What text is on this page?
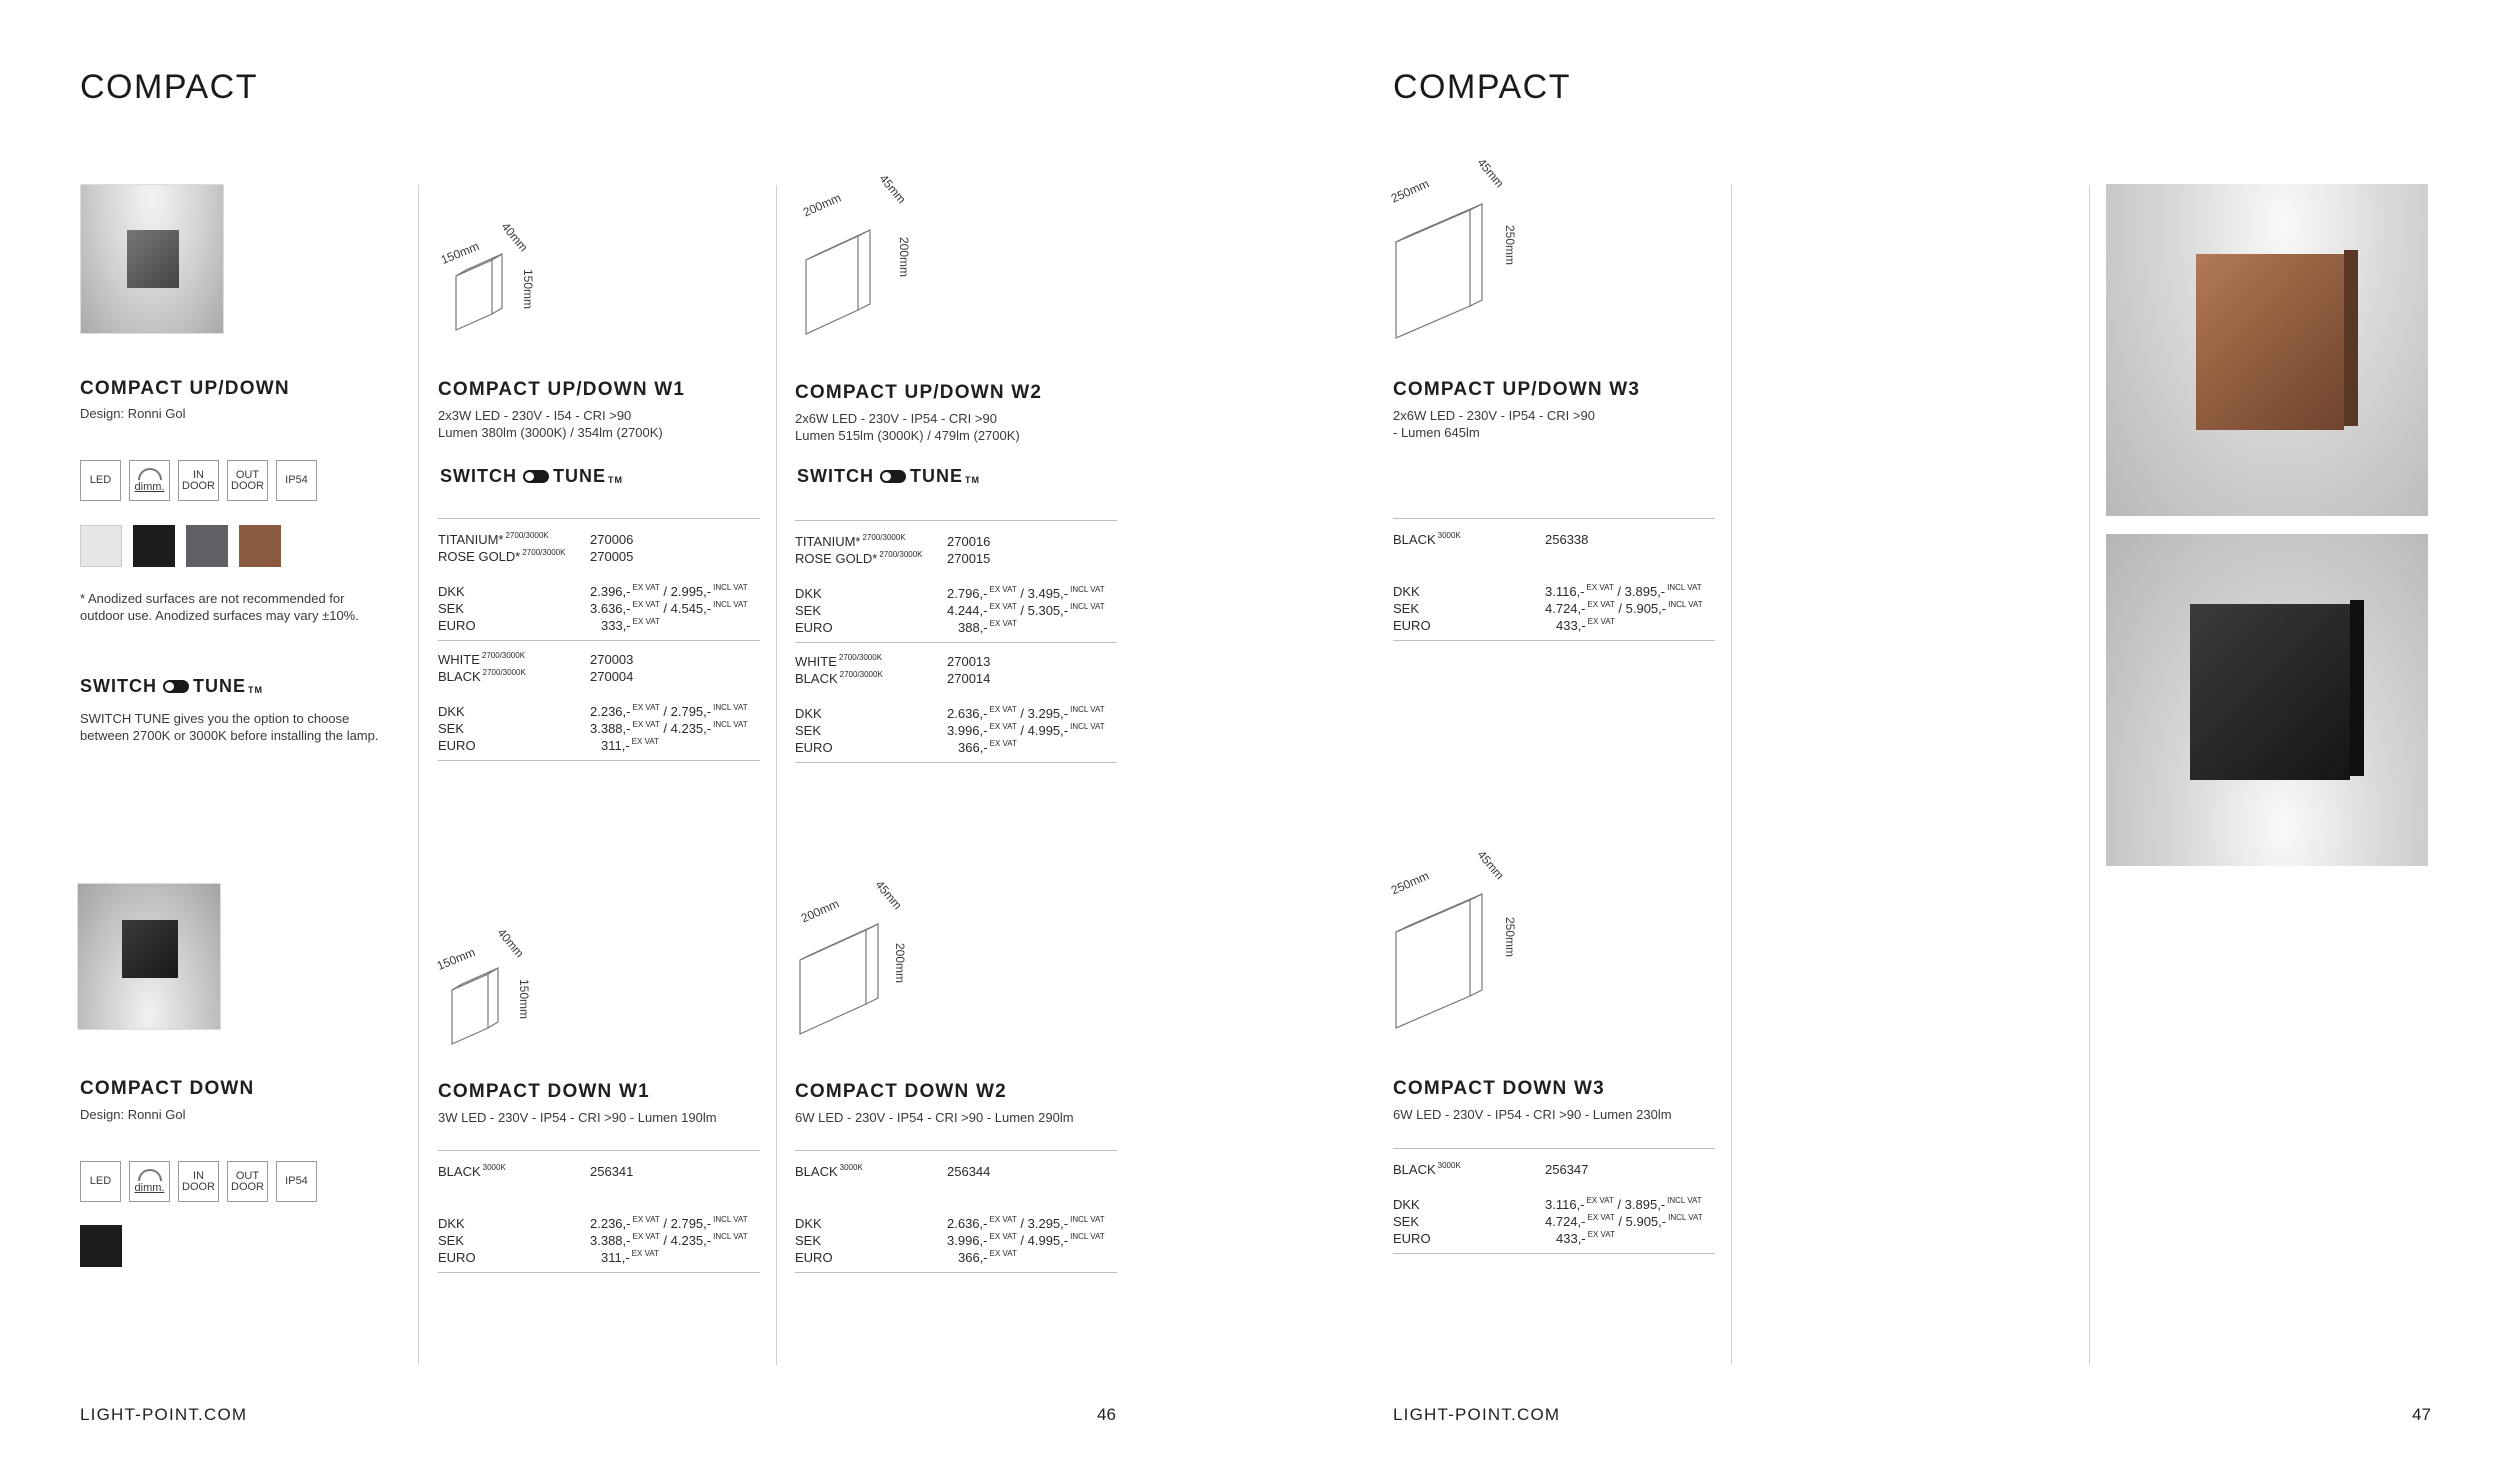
COMPACT	COMPACT
LIGHT-POINT.COM	46	LIGHT-POINT.COM	47
COMPACT UP/DOWN
Design: Ronni Gol
LED
dimm.
IN
DOOR
OUT
DOOR IP54
* Anodized surfaces are not recommended for
outdoor use. Anodized surfaces may vary ±10%.
SWITCH TUNE TM
SWITCH TUNE gives you the option to choose
between 2700K or 3000K before installing the lamp.
COMPACT DOWN
Design: Ronni Gol
LED
dimm.
IN
DOOR
OUT
DOOR IP54
150mm 40mm
150mm
COMPACT UP/DOWN W1
2x3W LED - 230V - I54 - CRI >90
Lumen 380lm (3000K) / 354lm (2700K)
SWITCH TUNE TM
TITANIUM* $^{2700/3000K}$	270006
ROSE GOLD* $^{2700/3000K}$	270005
DKK	2.396,- $^{EX VAT}$ / 2.995,- $^{INCL VAT}$
SEK	3.636,- $^{EX VAT}$ / 4.545,- $^{INCL VAT}$
EURO	333,- $^{EX VAT}$
WHITE $^{2700/3000K}$	270003
BLACK $^{2700/3000K}$	270004
DKK	2.236,- $^{EX VAT}$ / 2.795,- $^{INCL VAT}$
SEK	3.388,- $^{EX VAT}$ / 4.235,- $^{INCL VAT}$
EURO	311,- $^{EX VAT}$
200mm	45mm
200mm
COMPACT UP/DOWN W2
2x6W LED - 230V - IP54 - CRI >90
Lumen 515lm (3000K) / 479lm (2700K)
SWITCH TUNE TM
TITANIUM* $^{2700/3000K}$	270016
ROSE GOLD* $^{2700/3000K}$	270015
DKK	2.796,- $^{EX VAT}$ / 3.495,- $^{INCL VAT}$
SEK	4.244,- $^{EX VAT}$ / 5.305,- $^{INCL VAT}$
EURO	388,- $^{EX VAT}$
WHITE $^{2700/3000K}$	270013
BLACK $^{2700/3000K}$	270014
DKK	2.636,- $^{EX VAT}$ / 3.295,- $^{INCL VAT}$
SEK	3.996,- $^{EX VAT}$ / 4.995,- $^{INCL VAT}$
EURO	366,- $^{EX VAT}$
250mm
45mm
250mm
COMPACT UP/DOWN W3
2x6W LED - 230V - IP54 - CRI >90
- Lumen 645lm
BLACK $^{3000K}$	256338
DKK	3.116,- $^{EX VAT}$ / 3.895,- $^{INCL VAT}$
SEK	4.724,- $^{EX VAT}$ / 5.905,- $^{INCL VAT}$
EURO	433,- $^{EX VAT}$
150mm 40mm
150mm
COMPACT DOWN W1
3W LED - 230V - IP54 - CRI >90 - Lumen 190lm
BLACK $^{3000K}$	256341
DKK	2.236,- $^{EX VAT}$ / 2.795,- $^{INCL VAT}$
SEK	3.388,- $^{EX VAT}$ / 4.235,- $^{INCL VAT}$
EURO	311,- $^{EX VAT}$
200mm	45mm
200mm
COMPACT DOWN W2
6W LED - 230V - IP54 - CRI >90 - Lumen 290lm
BLACK $^{3000K}$	256344
DKK	2.636,- $^{EX VAT}$ / 3.295,- $^{INCL VAT}$
SEK	3.996,- $^{EX VAT}$ / 4.995,- $^{INCL VAT}$
EURO	366,- $^{EX VAT}$
250mm
45mm
250mm
COMPACT DOWN W3
6W LED - 230V - IP54 - CRI >90 - Lumen 230lm
BLACK $^{3000K}$	256347
DKK	3.116,- $^{EX VAT}$ / 3.895,- $^{INCL VAT}$
SEK	4.724,- $^{EX VAT}$ / 5.905,- $^{INCL VAT}$
EURO	433,- $^{EX VAT}$
